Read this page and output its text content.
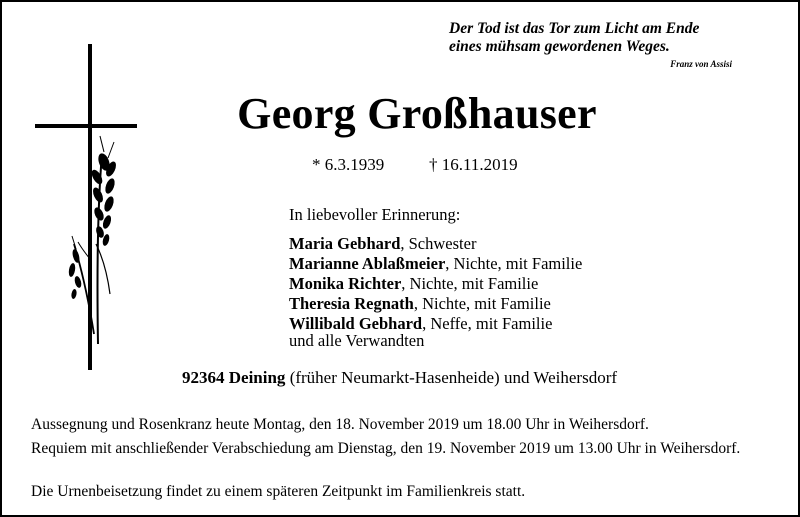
Der Tod ist das Tor zum Licht am Ende
eines mühsam gewordenen Weges.
Franz von Assisi
Georg Großhauser
* 6.3.1939	† 16.11.2019
In liebevoller Erinnerung:
Maria Gebhard, Schwester
Marianne Ablaßmeier, Nichte, mit Familie
Monika Richter, Nichte, mit Familie
Theresia Regnath, Nichte, mit Familie
Willibald Gebhard, Neffe, mit Familie
und alle Verwandten
92364 Deining (früher Neumarkt-Hasenheide) und Weihersdorf
Aussegnung und Rosenkranz heute Montag, den 18. November 2019 um 18.00 Uhr in Weihersdorf.
Requiem mit anschließender Verabschiedung am Dienstag, den 19. November 2019 um 13.00 Uhr in Weihersdorf.
Die Urnenbeisetzung findet zu einem späteren Zeitpunkt im Familienkreis statt.
